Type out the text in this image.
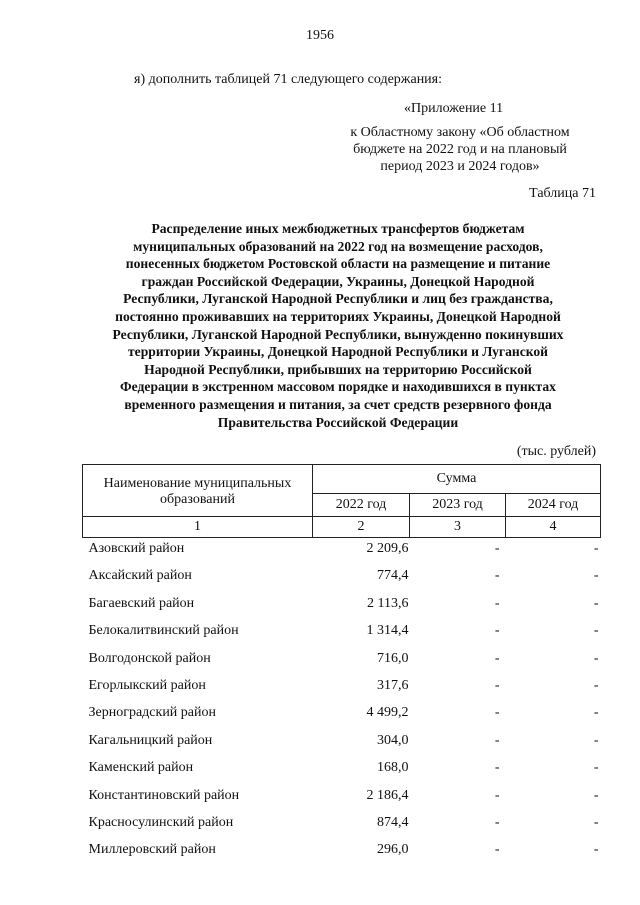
1956
я) дополнить таблицей 71 следующего содержания:
«Приложение 11
к Областному закону «Об областном
бюджете на 2022 год и на плановый
период 2023 и 2024 годов»
Таблица 71
Распределение иных межбюджетных трансфертов бюджетам
муниципальных образований на 2022 год на возмещение расходов,
понесенных бюджетом Ростовской области на размещение и питание
граждан Российской Федерации, Украины, Донецкой Народной
Республики, Луганской Народной Республики и лиц без гражданства,
постоянно проживавших на территориях Украины, Донецкой Народной
Республики, Луганской Народной Республики, вынужденно покинувших
территории Украины, Донецкой Народной Республики и Луганской
Народной Республики, прибывших на территорию Российской
Федерации в экстренном массовом порядке и находившихся в пунктах
временного размещения и питания, за счет средств резервного фонда
Правительства Российской Федерации
(тыс. рублей)
Наименование муниципальных образований	Сумма		
	2022 год	2023 год	2024 год
1	2	3	4
Азовский район	2 209,6	-	-
Аксайский район	774,4	-	-
Багаевский район	2 113,6	-	-
Белокалитвинский район	1 314,4	-	-
Волгодонской район	716,0	-	-
Егорлыкский район	317,6	-	-
Зерноградский район	4 499,2	-	-
Кагальницкий район	304,0	-	-
Каменский район	168,0	-	-
Константиновский район	2 186,4	-	-
Красносулинский район	874,4	-	-
Миллеровский район	296,0	-	-
